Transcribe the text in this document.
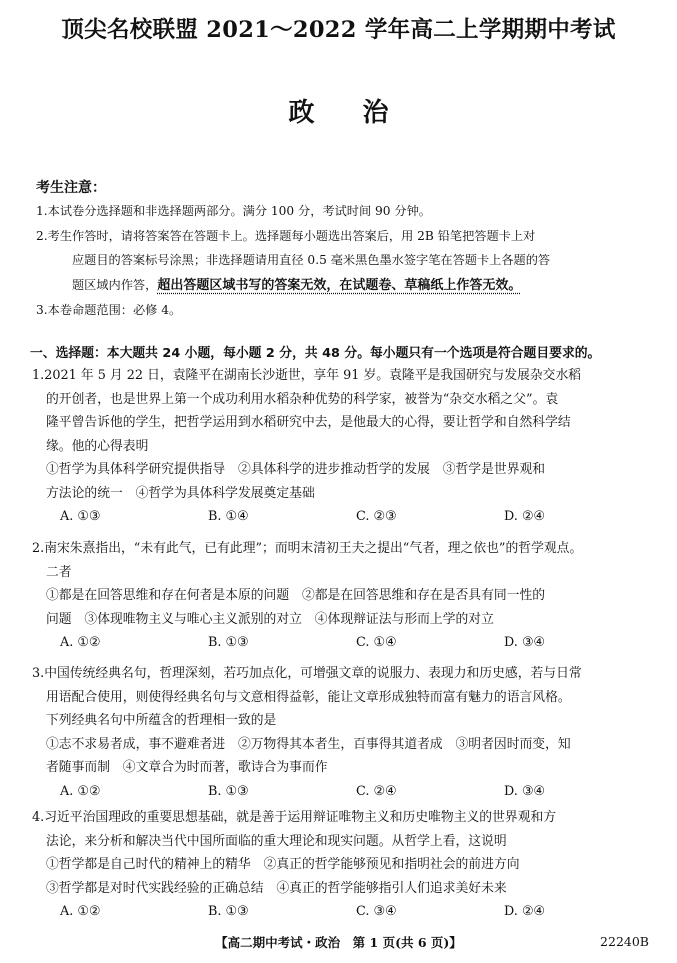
顶尖名校联盟 2021～2022 学年高二上学期期中考试
政治
考生注意：
1.本试卷分选择题和非选择题两部分。满分 100 分，考试时间 90 分钟。
2.考生作答时，请将答案答在答题卡上。选择题每小题选出答案后，用 2B 铅笔把答题卡上对
应题目的答案标号涂黑；非选择题请用直径 0.5 毫米黑色墨水签字笔在答题卡上各题的答
题区域内作答，超出答题区域书写的答案无效，在试题卷、草稿纸上作答无效。
3.本卷命题范围：必修 4。
一、选择题：本大题共 24 小题，每小题 2 分，共 48 分。每小题只有一个选项是符合题目要求的。

1.2021 年 5 月 22 日，袁隆平在湖南长沙逝世，享年 91 岁。袁隆平是我国研究与发展杂交水稻

的开创者，也是世界上第一个成功利用水稻杂种优势的科学家，被誉为“杂交水稻之父”。袁

隆平曾告诉他的学生，把哲学运用到水稻研究中去，是他最大的心得，要让哲学和自然科学结

缘。他的心得表明

①哲学为具体科学研究提供指导　②具体科学的进步推动哲学的发展　③哲学是世界观和

方法论的统一　④哲学为具体科学发展奠定基础

A. ①③	B. ①④	C. ②③	D. ②④

2.南宋朱熹指出，“未有此气，已有此理”；而明末清初王夫之提出“气者，理之依也”的哲学观点。

二者

①都是在回答思维和存在何者是本原的问题　②都是在回答思维和存在是否具有同一性的

问题　③体现唯物主义与唯心主义派别的对立　④体现辩证法与形而上学的对立

A. ①②	B. ①③	C. ①④	D. ③④

3.中国传统经典名句，哲理深刻，若巧加点化，可增强文章的说服力、表现力和历史感，若与日常

用语配合使用，则使得经典名句与文意相得益彰，能让文章形成独特而富有魅力的语言风格。

下列经典名句中所蕴含的哲理相一致的是

①志不求易者成，事不避难者进　②万物得其本者生，百事得其道者成　③明者因时而变，知

者随事而制　④文章合为时而著，歌诗合为事而作

A. ①②	B. ①③	C. ②④	D. ③④

4.习近平治国理政的重要思想基础，就是善于运用辩证唯物主义和历史唯物主义的世界观和方

法论，来分析和解决当代中国所面临的重大理论和现实问题。从哲学上看，这说明

①哲学都是自己时代的精神上的精华　②真正的哲学能够预见和指明社会的前进方向

③哲学都是对时代实践经验的正确总结　④真正的哲学能够指引人们追求美好未来

A. ①②	B. ①③	C. ③④	D. ②④
【高二期中考试・政治　第 1 页(共 6 页)】	22240B
